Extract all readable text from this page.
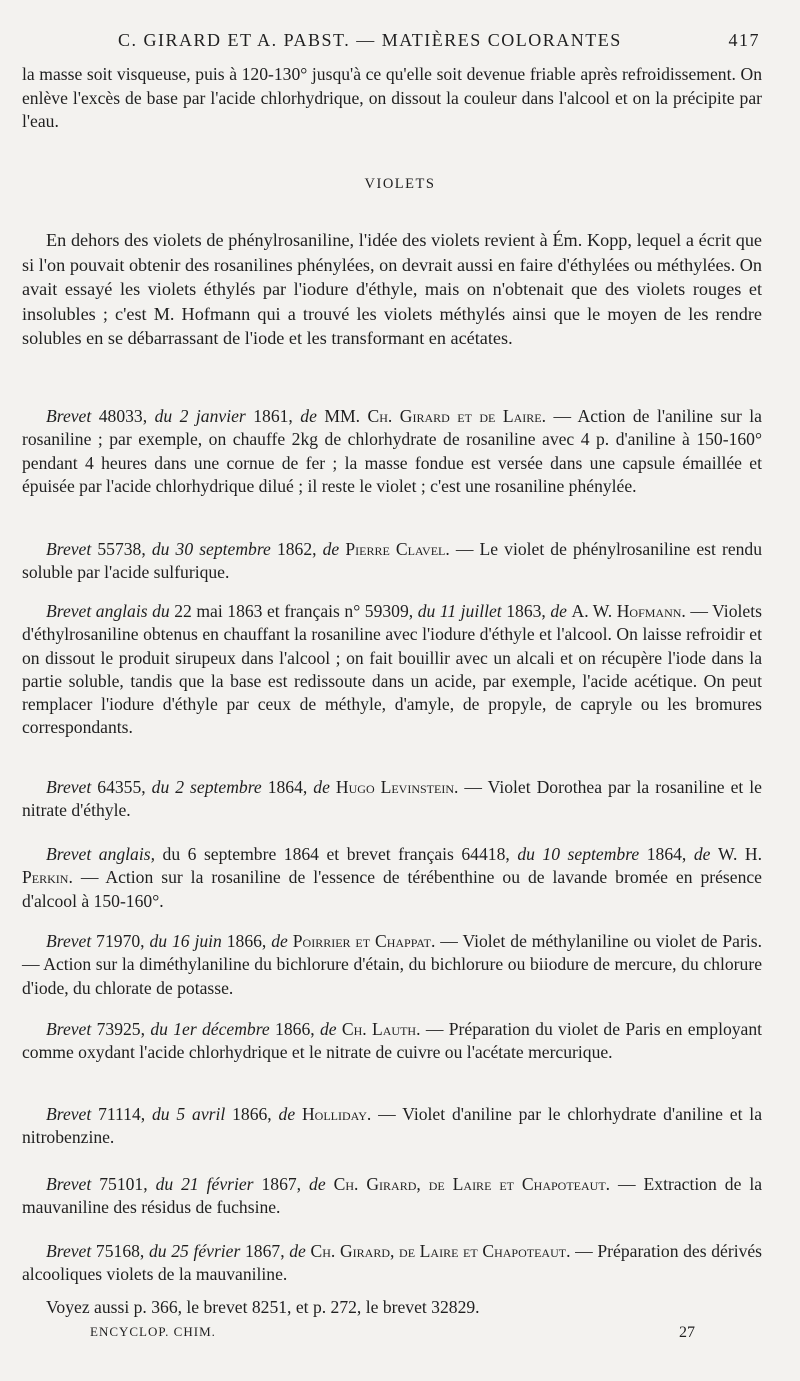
C. GIRARD ET A. PABST. — MATIÈRES COLORANTES	417
la masse soit visqueuse, puis à 120-130° jusqu'à ce qu'elle soit devenue friable après refroidissement. On enlève l'excès de base par l'acide chlorhydrique, on dissout la couleur dans l'alcool et on la précipite par l'eau.
VIOLETS
En dehors des violets de phénylrosaniline, l'idée des violets revient à Ém. Kopp, lequel a écrit que si l'on pouvait obtenir des rosanilines phénylées, on devrait aussi en faire d'éthylées ou méthylées. On avait essayé les violets éthylés par l'iodure d'éthyle, mais on n'obtenait que des violets rouges et insolubles ; c'est M. Hofmann qui a trouvé les violets méthylés ainsi que le moyen de les rendre solubles en se débarrassant de l'iode et les transformant en acétates.
Brevet 48033, du 2 janvier 1861, de MM. Ch. Girard et de Laire. — Action de l'aniline sur la rosaniline ; par exemple, on chauffe 2kg de chlorhydrate de rosaniline avec 4 p. d'aniline à 150-160° pendant 4 heures dans une cornue de fer ; la masse fondue est versée dans une capsule émaillée et épuisée par l'acide chlorhydrique dilué ; il reste le violet ; c'est une rosaniline phénylée.
Brevet 55738, du 30 septembre 1862, de Pierre Clavel. — Le violet de phénylrosaniline est rendu soluble par l'acide sulfurique.
Brevet anglais du 22 mai 1863 et français n° 59309, du 11 juillet 1863, de A. W. Hofmann. — Violets d'éthylrosaniline obtenus en chauffant la rosaniline avec l'iodure d'éthyle et l'alcool. On laisse refroidir et on dissout le produit sirupeux dans l'alcool ; on fait bouillir avec un alcali et on récupère l'iode dans la partie soluble, tandis que la base est redissoute dans un acide, par exemple, l'acide acétique. On peut remplacer l'iodure d'éthyle par ceux de méthyle, d'amyle, de propyle, de capryle ou les bromures correspondants.
Brevet 64355, du 2 septembre 1864, de Hugo Levinstein. — Violet Dorothea par la rosaniline et le nitrate d'éthyle.
Brevet anglais, du 6 septembre 1864 et brevet français 64418, du 10 septembre 1864, de W. H. Perkin. — Action sur la rosaniline de l'essence de térébenthine ou de lavande bromée en présence d'alcool à 150-160°.
Brevet 71970, du 16 juin 1866, de Poirrier et Chappat. — Violet de méthylaniline ou violet de Paris. — Action sur la diméthylaniline du bichlorure d'étain, du bichlorure ou biiodure de mercure, du chlorure d'iode, du chlorate de potasse.
Brevet 73925, du 1er décembre 1866, de Ch. Lauth. — Préparation du violet de Paris en employant comme oxydant l'acide chlorhydrique et le nitrate de cuivre ou l'acétate mercurique.
Brevet 71114, du 5 avril 1866, de Holliday. — Violet d'aniline par le chlorhydrate d'aniline et la nitrobenzine.
Brevet 75101, du 21 février 1867, de Ch. Girard, de Laire et Chapoteaut. — Extraction de la mauvaniline des résidus de fuchsine.
Brevet 75168, du 25 février 1867, de Ch. Girard, de Laire et Chapoteaut. — Préparation des dérivés alcooliques violets de la mauvaniline.
Voyez aussi p. 366, le brevet 8251, et p. 272, le brevet 32829.
ENCYCLOP. CHIM.	27
